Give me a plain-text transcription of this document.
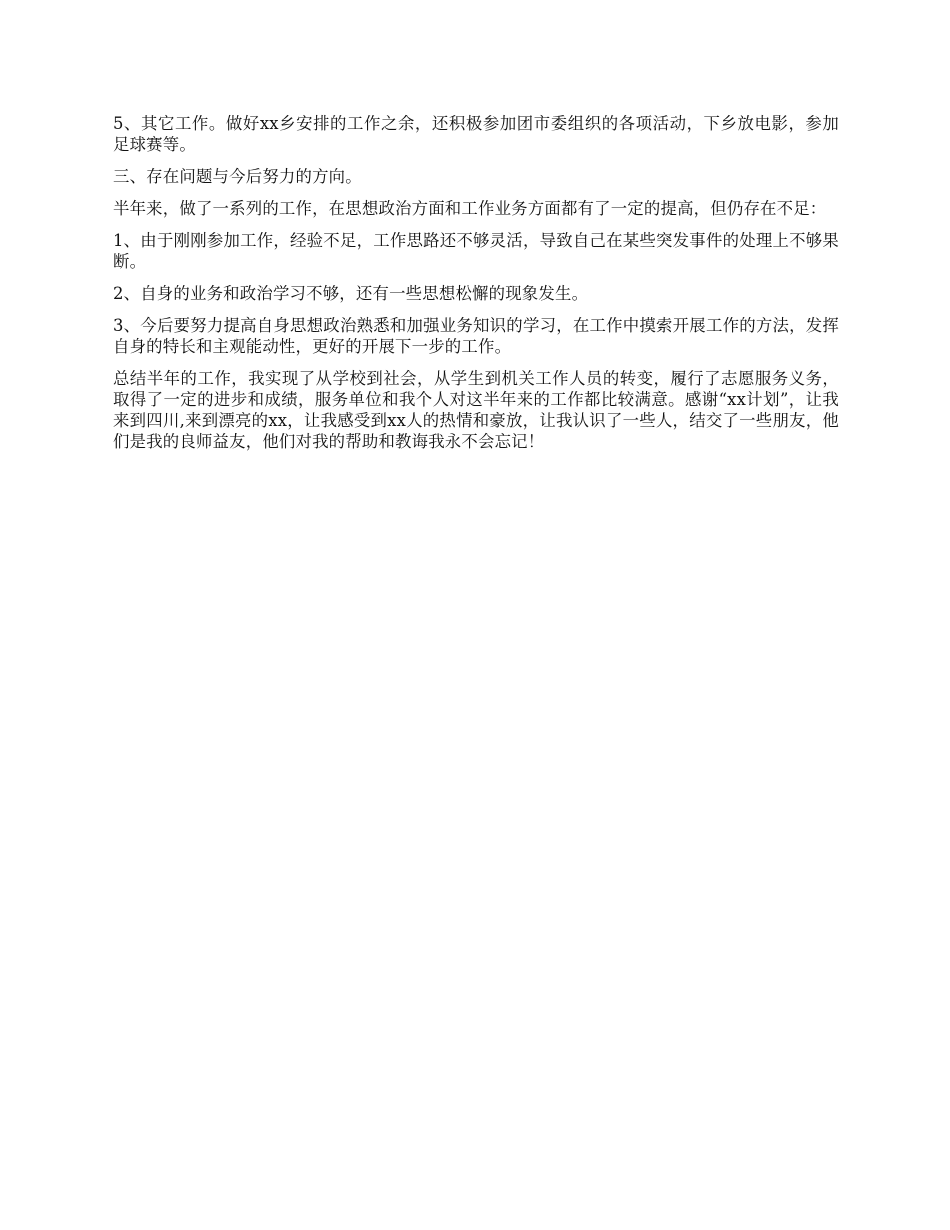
5、其它工作。做好xx乡安排的工作之余，还积极参加团市委组织的各项活动，下乡放电影，参加足球赛等。

三、存在问题与今后努力的方向。

半年来，做了一系列的工作，在思想政治方面和工作业务方面都有了一定的提高，但仍存在不足：

1、由于刚刚参加工作，经验不足，工作思路还不够灵活，导致自己在某些突发事件的处理上不够果断。

2、自身的业务和政治学习不够，还有一些思想松懈的现象发生。

3、今后要努力提高自身思想政治熟悉和加强业务知识的学习，在工作中摸索开展工作的方法，发挥自身的特长和主观能动性，更好的开展下一步的工作。

总结半年的工作，我实现了从学校到社会，从学生到机关工作人员的转变，履行了志愿服务义务，取得了一定的进步和成绩，服务单位和我个人对这半年来的工作都比较满意。感谢“xx计划”，让我来到四川,来到漂亮的xx，让我感受到xx人的热情和豪放，让我认识了一些人，结交了一些朋友，他们是我的良师益友，他们对我的帮助和教诲我永不会忘记！
